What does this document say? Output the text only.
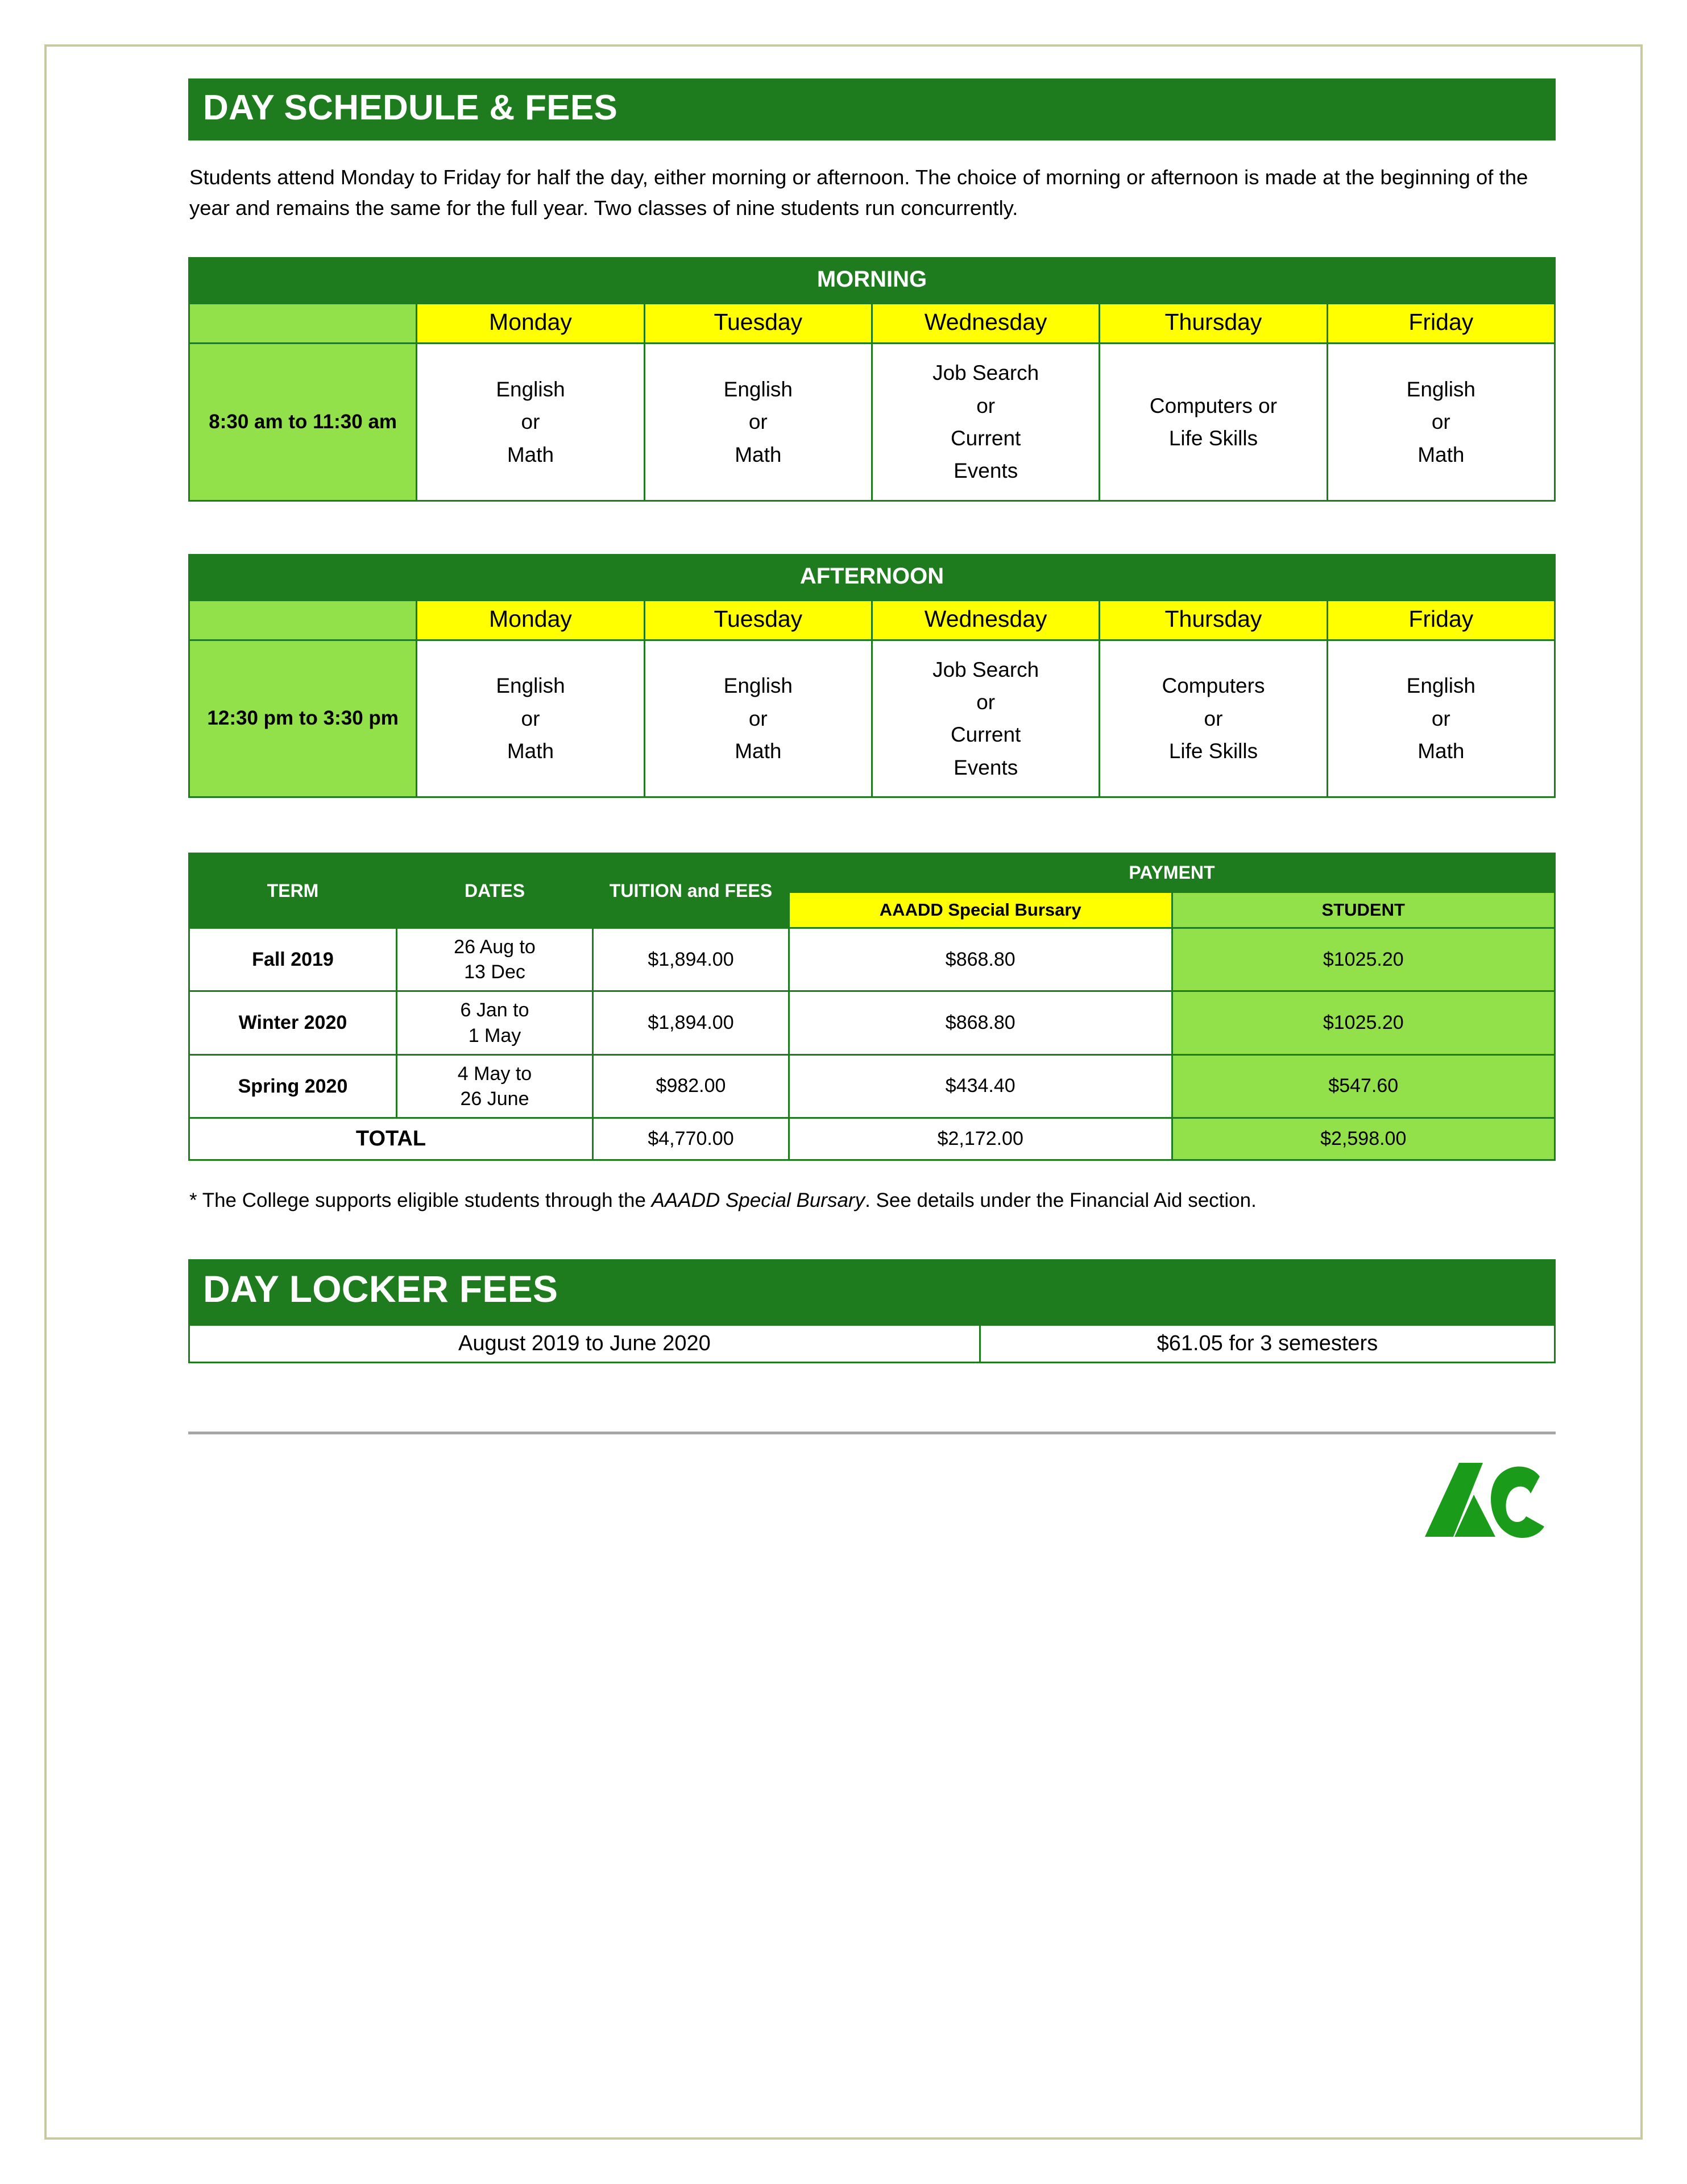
DAY SCHEDULE & FEES

Students attend Monday to Friday for half the day, either morning or afternoon. The choice of morning or afternoon is made at the beginning of the year and remains the same for the full year. Two classes of nine students run concurrently.

MORNING					
	Monday	Tuesday	Wednesday	Thursday	Friday
8:30 am to 11:30 am	English
or
Math	English
or
Math	Job Search
or
Current
Events	Computers or
Life Skills	English
or
Math
AFTERNOON					
	Monday	Tuesday	Wednesday	Thursday	Friday
12:30 pm to 3:30 pm	English
or
Math	English
or
Math	Job Search
or
Current
Events	Computers
or
Life Skills	English
or
Math
TERM	DATES	TUITION and FEES	PAYMENT	
			AAADD Special Bursary	STUDENT
Fall 2019	26 Aug to
13 Dec	$1,894.00	$868.80	$1025.20
Winter 2020	6 Jan to
1 May	$1,894.00	$868.80	$1025.20
Spring 2020	4 May to
26 June	$982.00	$434.40	$547.60
TOTAL		$4,770.00	$2,172.00	$2,598.00

* The College supports eligible students through the AAADD Special Bursary. See details under the Financial Aid section.

DAY LOCKER FEES
August 2019 to June 2020	$61.05 for 3 semesters
